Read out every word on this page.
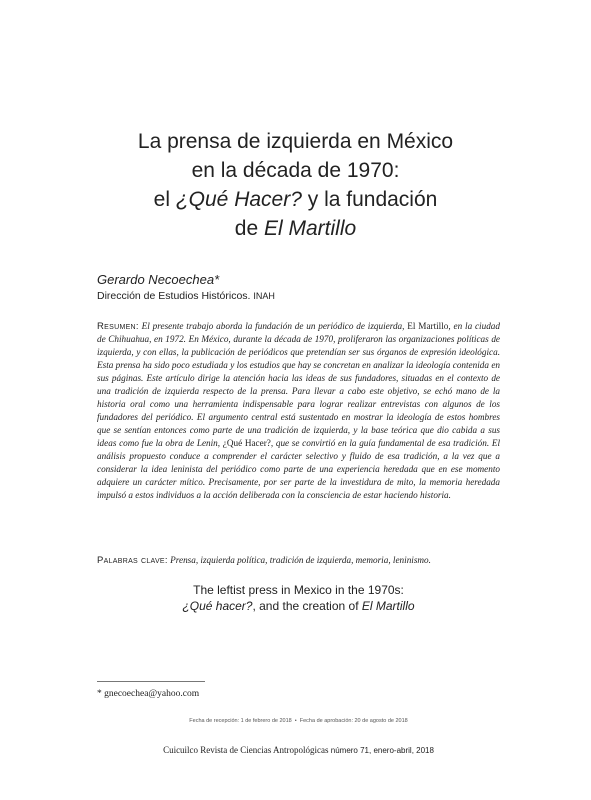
La prensa de izquierda en México
en la década de 1970:
el ¿Qué Hacer? y la fundación
de El Martillo
Gerardo Necoechea*
Dirección de Estudios Históricos. INAH

Resumen: El presente trabajo aborda la fundación de un periódico de izquierda, El Martillo, en la ciudad de Chihuahua, en 1972. En México, durante la década de 1970, proliferaron las organizaciones políticas de izquierda, y con ellas, la publicación de periódicos que pretendían ser sus órganos de expresión ideológica. Esta prensa ha sido poco estudiada y los estudios que hay se concretan en analizar la ideología contenida en sus páginas. Este artículo dirige la atención hacia las ideas de sus fundadores, situadas en el contexto de una tradición de izquierda respecto de la prensa. Para llevar a cabo este objetivo, se echó mano de la historia oral como una herramienta indispensable para lograr realizar entrevistas con algunos de los fundadores del periódico. El argumento central está sustentado en mostrar la ideología de estos hombres que se sentían entonces como parte de una tradición de izquierda, y la base teórica que dio cabida a sus ideas como fue la obra de Lenin, ¿Qué Hacer?, que se convirtió en la guía fundamental de esa tradición. El análisis propuesto conduce a comprender el carácter selectivo y fluido de esa tradición, a la vez que a considerar la idea leninista del periódico como parte de una experiencia heredada que en ese momento adquiere un carácter mítico. Precisamente, por ser parte de la investidura de mito, la memoria heredada impulsó a estos individuos a la acción deliberada con la consciencia de estar haciendo historia.

Palabras clave: Prensa, izquierda política, tradición de izquierda, memoria, leninismo.

The leftist press in Mexico in the 1970s:
¿Qué hacer?, and the creation of El Martillo
* gnecoechea@yahoo.com

Fecha de recepción: 1 de febrero de 2018  •  Fecha de aprobación: 20 de agosto de 2018

Cuicuilco Revista de Ciencias Antropológicas número 71, enero-abril, 2018
